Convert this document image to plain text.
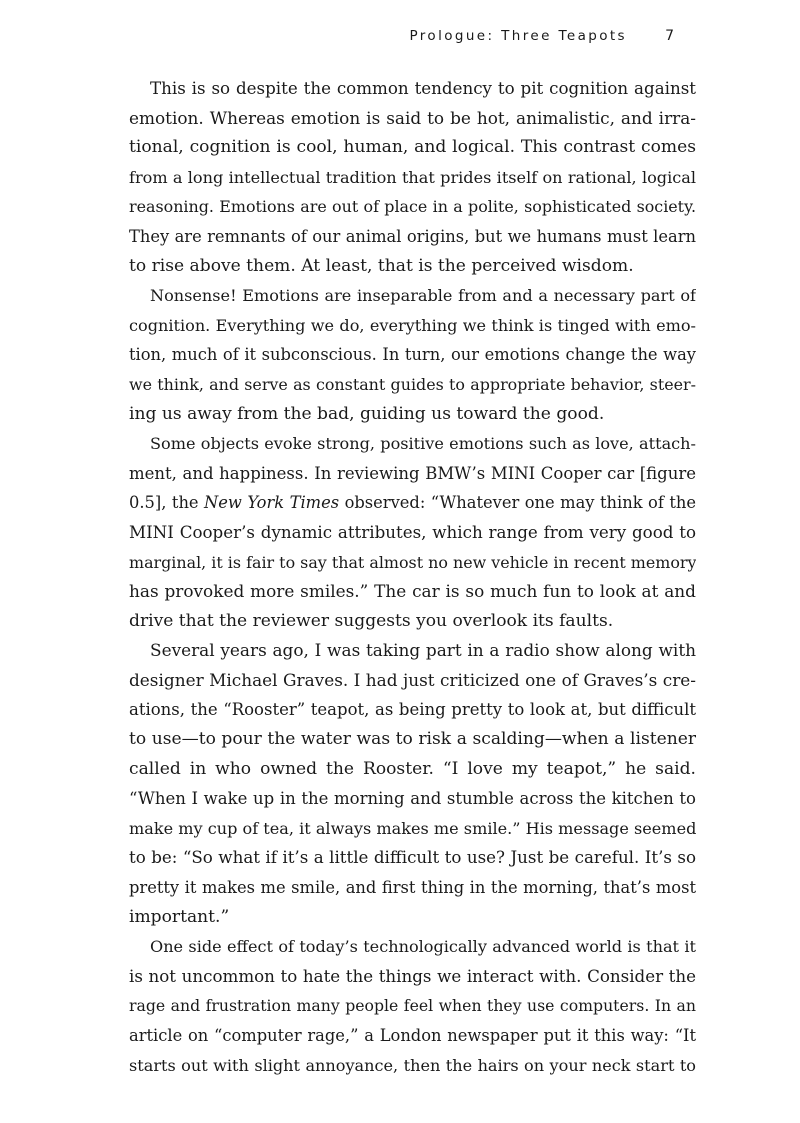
Prologue: Three Teapots	7
This is so despite the common tendency to pit cognition against
emotion. Whereas emotion is said to be hot, animalistic, and irra-
tional, cognition is cool, human, and logical. This contrast comes
from a long intellectual tradition that prides itself on rational, logical
reasoning. Emotions are out of place in a polite, sophisticated society.
They are remnants of our animal origins, but we humans must learn
to rise above them. At least, that is the perceived wisdom.
Nonsense! Emotions are inseparable from and a necessary part of
cognition. Everything we do, everything we think is tinged with emo-
tion, much of it subconscious. In turn, our emotions change the way
we think, and serve as constant guides to appropriate behavior, steer-
ing us away from the bad, guiding us toward the good.
Some objects evoke strong, positive emotions such as love, attach-
ment, and happiness. In reviewing BMW’s MINI Cooper car [figure
0.5], the New York Times observed: “Whatever one may think of the
MINI Cooper’s dynamic attributes, which range from very good to
marginal, it is fair to say that almost no new vehicle in recent memory
has provoked more smiles.” The car is so much fun to look at and
drive that the reviewer suggests you overlook its faults.
Several years ago, I was taking part in a radio show along with
designer Michael Graves. I had just criticized one of Graves’s cre-
ations, the “Rooster” teapot, as being pretty to look at, but difficult
to use—to pour the water was to risk a scalding—when a listener
called in who owned the Rooster. “I love my teapot,” he said.
“When I wake up in the morning and stumble across the kitchen to
make my cup of tea, it always makes me smile.” His message seemed
to be: “So what if it’s a little difficult to use? Just be careful. It’s so
pretty it makes me smile, and first thing in the morning, that’s most
important.”
One side effect of today’s technologically advanced world is that it
is not uncommon to hate the things we interact with. Consider the
rage and frustration many people feel when they use computers. In an
article on “computer rage,” a London newspaper put it this way: “It
starts out with slight annoyance, then the hairs on your neck start to
